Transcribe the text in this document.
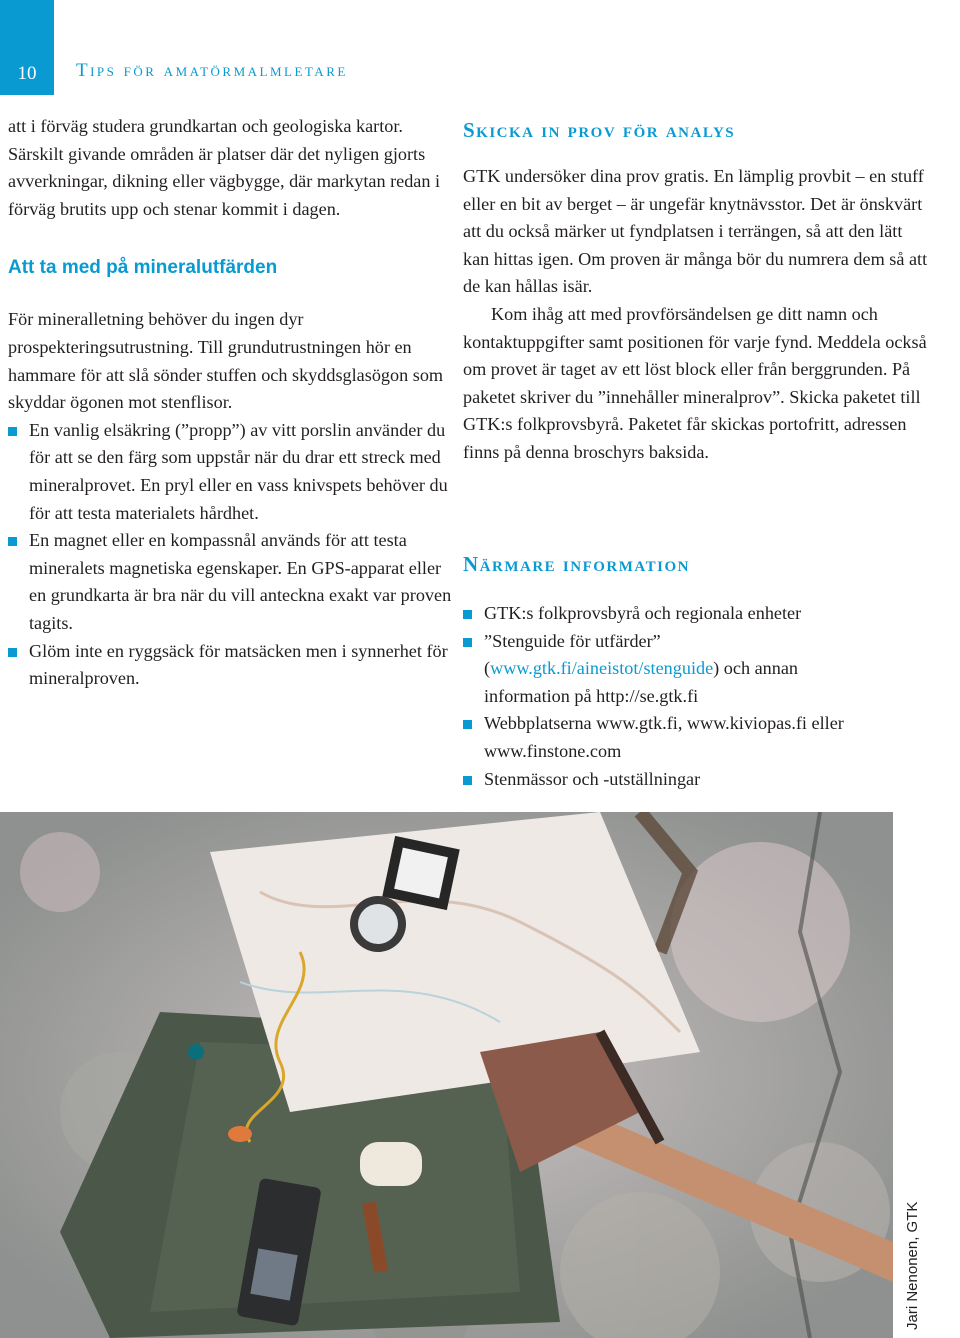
10	Tips för amatörmalmletare

att i förväg studera grundkartan och geologiska kartor. Särskilt givande områden är platser där det nyligen gjorts avverkningar, dikning eller vägbygge, där markytan redan i förväg brutits upp och stenar kommit i dagen.

Att ta med på mineralutfärden

För mineralletning behöver du ingen dyr prospekteringsutrustning. Till grundutrustningen hör en hammare för att slå sönder stuffen och skyddsglasögon som skyddar ögonen mot stenflisor.

En vanlig elsäkring (”propp”) av vitt porslin använder du för att se den färg som uppstår när du drar ett streck med mineralprovet. En pryl eller en vass knivspets behöver du för att testa materialets hårdhet.
En magnet eller en kompassnål används för att testa mineralets magnetiska egenskaper. En GPS-apparat eller en grundkarta är bra när du vill anteckna exakt var proven tagits.
Glöm inte en ryggsäck för matsäcken men i synnerhet för mineralproven.
Skicka in prov för analys

GTK undersöker dina prov gratis. En lämplig provbit – en stuff eller en bit av berget – är ungefär knytnävsstor. Det är önskvärt att du också märker ut fyndplatsen i terrängen, så att den lätt kan hittas igen. Om proven är många bör du numrera dem så att de kan hållas isär.

Kom ihåg att med provförsändelsen ge ditt namn och kontaktuppgifter samt positionen för varje fynd. Meddela också om provet är taget av ett löst block eller från berggrunden. På paketet skriver du ”innehåller mineralprov”. Skicka paketet till GTK:s folkprovsbyrå. Paketet får skickas portofritt, adressen finns på denna broschyrs baksida.

Närmare information
GTK:s folkprovsbyrå och regionala enheter
”Stenguide för utfärder” (www.gtk.fi/aineistot/stenguide) och annan information på http://se.gtk.fi
Webbplatserna www.gtk.fi, www.kiviopas.fi eller www.finstone.com
Stenmässor och -utställningar
Jari Nenonen, GTK
